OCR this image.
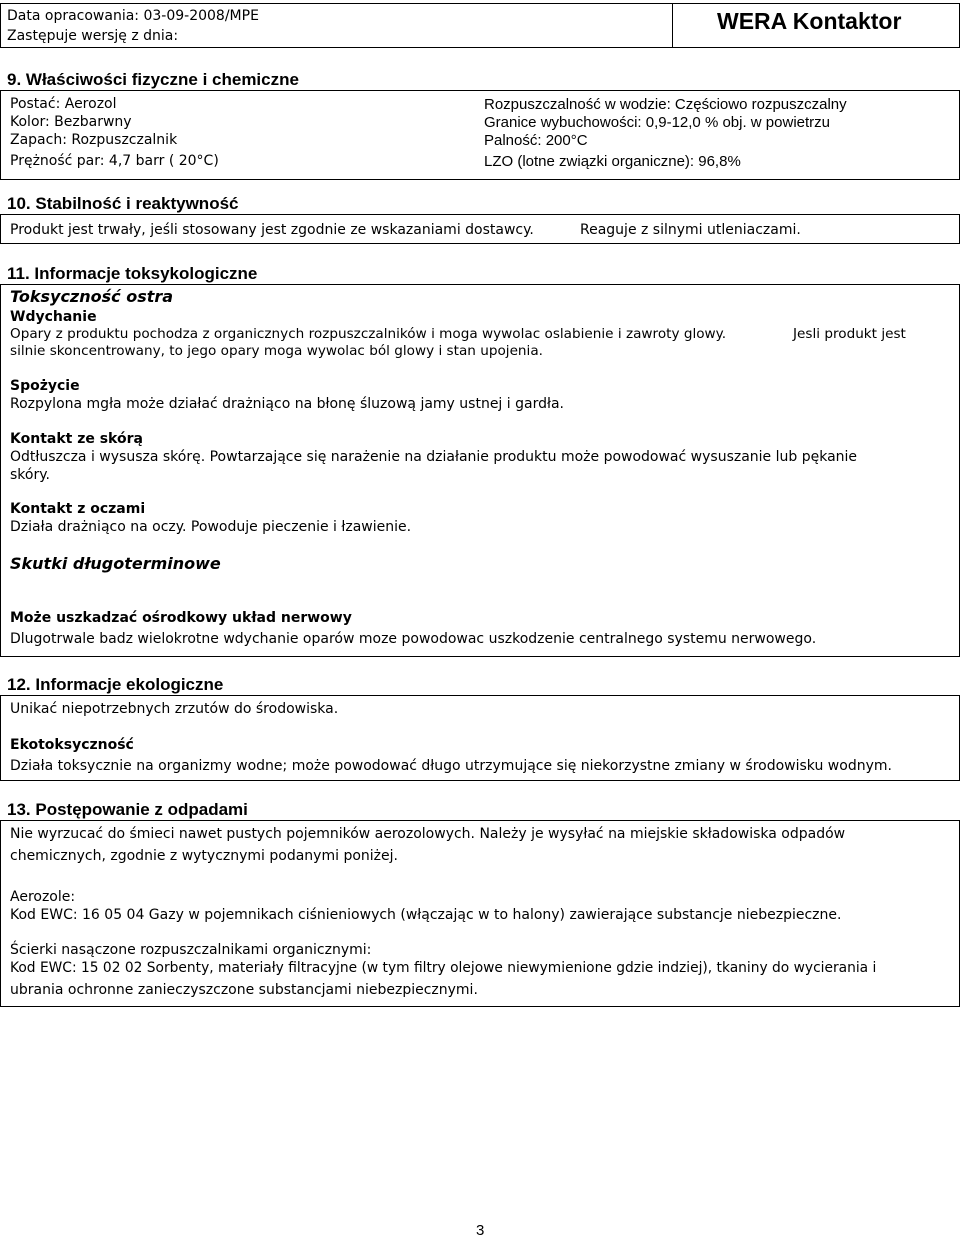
Data opracowania: 03-09-2008/MPE
Zastępuje wersję z dnia:
WERA Kontaktor
9. Właściwości fizyczne i chemiczne
Postać: Aerozol
Kolor: Bezbarwny
Zapach: Rozpuszczalnik
Prężność par: 4,7 barr ( 20°C)
Rozpuszczalność w wodzie: Częściowo rozpuszczalny
Granice wybuchowości: 0,9-12,0 % obj. w powietrzu
Palność: 200°C
LZO (lotne związki organiczne): 96,8%
10. Stabilność i reaktywność
Produkt jest trwały, jeśli stosowany jest zgodnie ze wskazaniami dostawcy.	Reaguje z silnymi utleniaczami.
11. Informacje toksykologiczne
Toksyczność ostra
Wdychanie
Opary z produktu pochodza z organicznych rozpuszczalników i moga wywolac oslabienie i zawroty glowy.	Jesli produkt jest
silnie skoncentrowany, to jego opary moga wywolac ból glowy i stan upojenia.
Spożycie
Rozpylona mgła może działać drażniąco na błonę śluzową jamy ustnej i gardła.
Kontakt ze skórą
Odtłuszcza i wysusza skórę. Powtarzające się narażenie na działanie produktu może powodować wysuszanie lub pękanie
skóry.
Kontakt z oczami
Działa drażniąco na oczy. Powoduje pieczenie i łzawienie.
Skutki długoterminowe
Może uszkadzać ośrodkowy układ nerwowy
Dlugotrwale badz wielokrotne wdychanie oparów moze powodowac uszkodzenie centralnego systemu nerwowego.
12. Informacje ekologiczne
Unikać niepotrzebnych zrzutów do środowiska.
Ekotoksyczność
Działa toksycznie na organizmy wodne; może powodować długo utrzymujące się niekorzystne zmiany w środowisku wodnym.
13. Postępowanie z odpadami
Nie wyrzucać do śmieci nawet pustych pojemników aerozolowych. Należy je wysyłać na miejskie składowiska odpadów
chemicznych, zgodnie z wytycznymi podanymi poniżej.
Aerozole:
Kod EWC: 16 05 04 Gazy w pojemnikach ciśnieniowych (włączając w to halony) zawierające substancje niebezpieczne.
Ścierki nasączone rozpuszczalnikami organicznymi:
Kod EWC: 15 02 02 Sorbenty, materiały filtracyjne (w tym filtry olejowe niewymienione gdzie indziej), tkaniny do wycierania i
ubrania ochronne zanieczyszczone substancjami niebezpiecznymi.
3
